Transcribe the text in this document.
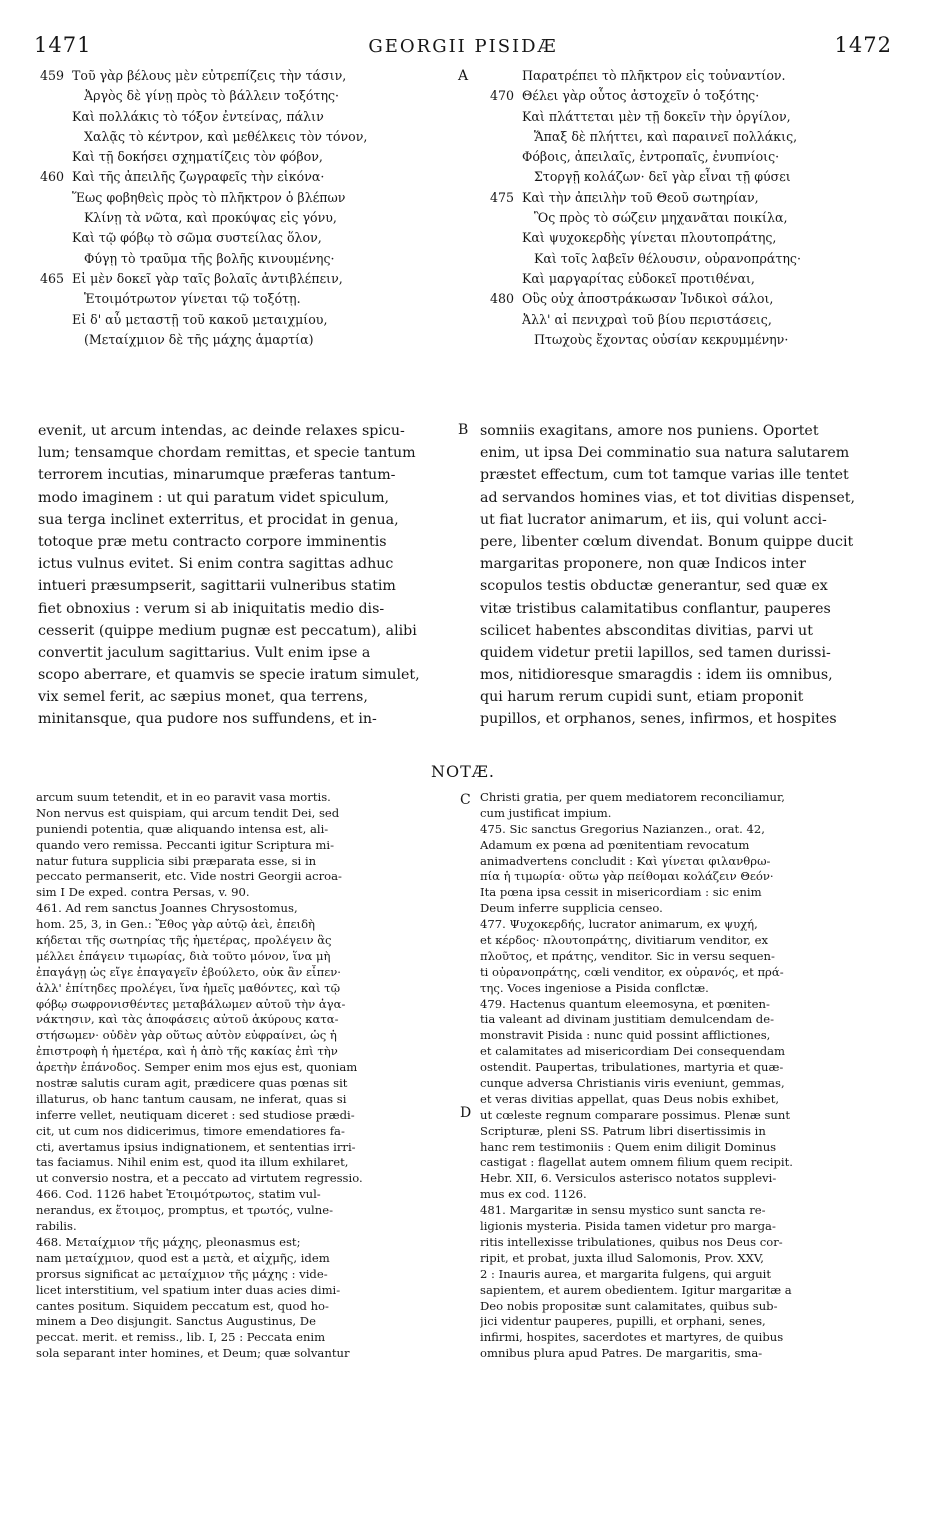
1471	GEORGII PISIDÆ	1472
A
B
C
D
459 Τοῦ γὰρ βέλους μὲν εὐτρεπίζεις τὴν τάσιν,
Ἀργὸς δὲ γίνῃ πρὸς τὸ βάλλειν τοξότης·
Καὶ πολλάκις τὸ τόξον ἐντείνας, πάλιν
Χαλᾷς τὸ κέντρον, καὶ μεθέλκεις τὸν τόνον,
Καὶ τῇ δοκήσει σχηματίζεις τὸν φόβον,
460 Καὶ τῆς ἀπειλῆς ζωγραφεῖς τὴν εἰκόνα·
Ἕως φοβηθεὶς πρὸς τὸ πλῆκτρον ὁ βλέπων
Κλίνῃ τὰ νῶτα, καὶ προκύψας εἰς γόνυ,
Καὶ τῷ φόβῳ τὸ σῶμα συστείλας ὅλον,
Φύγῃ τὸ τραῦμα τῆς βολῆς κινουμένης·
465 Εἰ μὲν δοκεῖ γὰρ ταῖς βολαῖς ἀντιβλέπειν,
Ἑτοιμότρωτον γίνεται τῷ τοξότῃ.
Εἰ δ' αὖ μεταστῇ τοῦ κακοῦ μεταιχμίου,
(Μεταίχμιον δὲ τῆς μάχης ἁμαρτία)
Παρατρέπει τὸ πλῆκτρον εἰς τοὐναντίον.
470 Θέλει γὰρ οὗτος ἀστοχεῖν ὁ τοξότης·
Καὶ πλάττεται μὲν τῇ δοκεῖν τὴν ὀργίλον,
Ἅπαξ δὲ πλήττει, καὶ παραινεῖ πολλάκις,
Φόβοις, ἀπειλαῖς, ἐντροπαῖς, ἐνυπνίοις·
Στοργῇ κολάζων· δεῖ γὰρ εἶναι τῇ φύσει
475 Καὶ τὴν ἀπειλὴν τοῦ Θεοῦ σωτηρίαν,
Ὃς πρὸς τὸ σώζειν μηχανᾶται ποικίλα,
Καὶ ψυχοκερδὴς γίνεται πλουτοπράτης,
Καὶ τοῖς λαβεῖν θέλουσιν, οὐρανοπράτης·
Καὶ μαργαρίτας εὐδοκεῖ προτιθέναι,
480 Οὓς οὐχ ἀποστράκωσαν Ἰνδικοὶ σάλοι,
Ἀλλ' αἱ πενιχραὶ τοῦ βίου περιστάσεις,
Πτωχοὺς ἔχοντας οὐσίαν κεκρυμμένην·
evenit, ut arcum intendas, ac deinde relaxes spicu-
lum; tensamque chordam remittas, et specie tantum
terrorem incutias, minarumque præferas tantum-
modo imaginem : ut qui paratum videt spiculum,
sua terga inclinet exterritus, et procidat in genua,
totoque præ metu contracto corpore imminentis
ictus vulnus evitet. Si enim contra sagittas adhuc
intueri præsumpserit, sagittarii vulneribus statim
fiet obnoxius : verum si ab iniquitatis medio dis-
cesserit (quippe medium pugnæ est peccatum), alibi
convertit jaculum sagittarius. Vult enim ipse a
scopo aberrare, et quamvis se specie iratum simulet,
vix semel ferit, ac sæpius monet, qua terrens,
minitansque, qua pudore nos suffundens, et in-
somniis exagitans, amore nos puniens. Oportet
enim, ut ipsa Dei comminatio sua natura salutarem
præstet effectum, cum tot tamque varias ille tentet
ad servandos homines vias, et tot divitias dispenset,
ut fiat lucrator animarum, et iis, qui volunt acci-
pere, libenter cœlum divendat. Bonum quippe ducit
margaritas proponere, non quæ Indicos inter
scopulos testis obductæ generantur, sed quæ ex
vitæ tristibus calamitatibus conflantur, pauperes
scilicet habentes absconditas divitias, parvi ut
quidem videtur pretii lapillos, sed tamen durissi-
mos, nitidioresque smaragdis : idem iis omnibus,
qui harum rerum cupidi sunt, etiam proponit
pupillos, et orphanos, senes, infirmos, et hospites
NOTÆ.
arcum suum tetendit, et in eo paravit vasa mortis.
Non nervus est quispiam, qui arcum tendit Dei, sed
puniendi potentia, quæ aliquando intensa est, ali-
quando vero remissa. Peccanti igitur Scriptura mi-
natur futura supplicia sibi præparata esse, si in
peccato permanserit, etc. Vide nostri Georgii acroa-
sim I De exped. contra Persas, v. 90.
461. Ad rem sanctus Joannes Chrysostomus,
hom. 25, 3, in Gen.: Ἔθος γὰρ αὐτῷ ἀεὶ, ἐπειδὴ
κήδεται τῆς σωτηρίας τῆς ἡμετέρας, προλέγειν ἃς
μέλλει ἐπάγειν τιμωρίας, διὰ τοῦτο μόνον, ἵνα μὴ
ἐπαγάγῃ ὡς εἴγε ἐπαγαγεῖν ἐβούλετο, οὐκ ἂν εἶπεν·
ἀλλ' ἐπίτηδες προλέγει, ἵνα ἡμεῖς μαθόντες, καὶ τῷ
φόβῳ σωφρονισθέντες μεταβάλωμεν αὐτοῦ τὴν ἀγα-
νάκτησιν, καὶ τὰς ἀποφάσεις αὐτοῦ ἀκύρους κατα-
στήσωμεν· οὐδὲν γὰρ οὕτως αὐτὸν εὐφραίνει, ὡς ἡ
ἐπιστροφὴ ἡ ἡμετέρα, καὶ ἡ ἀπὸ τῆς κακίας ἐπὶ τὴν
ἀρετὴν ἐπάνοδος. Semper enim mos ejus est, quoniam
nostræ salutis curam agit, prædicere quas pœnas sit
illaturus, ob hanc tantum causam, ne inferat, quas si
inferre vellet, neutiquam diceret : sed studiose prædi-
cit, ut cum nos didicerimus, timore emendatiores fa-
cti, avertamus ipsius indignationem, et sententias irri-
tas faciamus. Nihil enim est, quod ita illum exhilaret,
ut conversio nostra, et a peccato ad virtutem regressio.
466. Cod. 1126 habet Ἑτοιμότρωτος, statim vul-
nerandus, ex ἕτοιμος, promptus, et τρωτός, vulne-
rabilis.
468. Μεταίχμιον τῆς μάχης, pleonasmus est;
nam μεταίχμιον, quod est a μετὰ, et αἰχμῆς, idem
prorsus significat ac μεταίχμιον τῆς μάχης : vide-
licet interstitium, vel spatium inter duas acies dimi-
cantes positum. Siquidem peccatum est, quod ho-
minem a Deo disjungit. Sanctus Augustinus, De
peccat. merit. et remiss., lib. I, 25 : Peccata enim
sola separant inter homines, et Deum; quæ solvantur
Christi gratia, per quem mediatorem reconciliamur,
cum justificat impium.
475. Sic sanctus Gregorius Nazianzen., orat. 42,
Adamum ex pœna ad pœnitentiam revocatum
animadvertens concludit : Καὶ γίνεται φιλανθρω-
πία ἡ τιμωρία· οὕτω γὰρ πείθομαι κολάζειν Θεόν·
Ita pœna ipsa cessit in misericordiam : sic enim
Deum inferre supplicia censeo.
477. Ψυχοκερδής, lucrator animarum, ex ψυχή,
et κέρδος· πλουτοπράτης, divitiarum venditor, ex
πλοῦτος, et πράτης, venditor. Sic in versu sequen-
ti οὐρανοπράτης, cœli venditor, ex οὐρανός, et πρά-
της. Voces ingeniose a Pisida conflctæ.
479. Hactenus quantum eleemosyna, et pœniten-
tia valeant ad divinam justitiam demulcendam de-
monstravit Pisida : nunc quid possint afflictiones,
et calamitates ad misericordiam Dei consequendam
ostendit. Paupertas, tribulationes, martyria et quæ-
cunque adversa Christianis viris eveniunt, gemmas,
et veras divitias appellat, quas Deus nobis exhibet,
ut cœleste regnum comparare possimus. Plenæ sunt
Scripturæ, pleni SS. Patrum libri disertissimis in
hanc rem testimoniis : Quem enim diligit Dominus
castigat : flagellat autem omnem filium quem recipit.
Hebr. XII, 6. Versiculos asterisco notatos supplevi-
mus ex cod. 1126.
481. Margaritæ in sensu mystico sunt sancta re-
ligionis mysteria. Pisida tamen videtur pro marga-
ritis intellexisse tribulationes, quibus nos Deus cor-
ripit, et probat, juxta illud Salomonis, Prov. XXV,
2 : Inauris aurea, et margarita fulgens, qui arguit
sapientem, et aurem obedientem. Igitur margaritæ a
Deo nobis propositæ sunt calamitates, quibus sub-
jici videntur pauperes, pupilli, et orphani, senes,
infirmi, hospites, sacerdotes et martyres, de quibus
omnibus plura apud Patres. De margaritis, sma-
